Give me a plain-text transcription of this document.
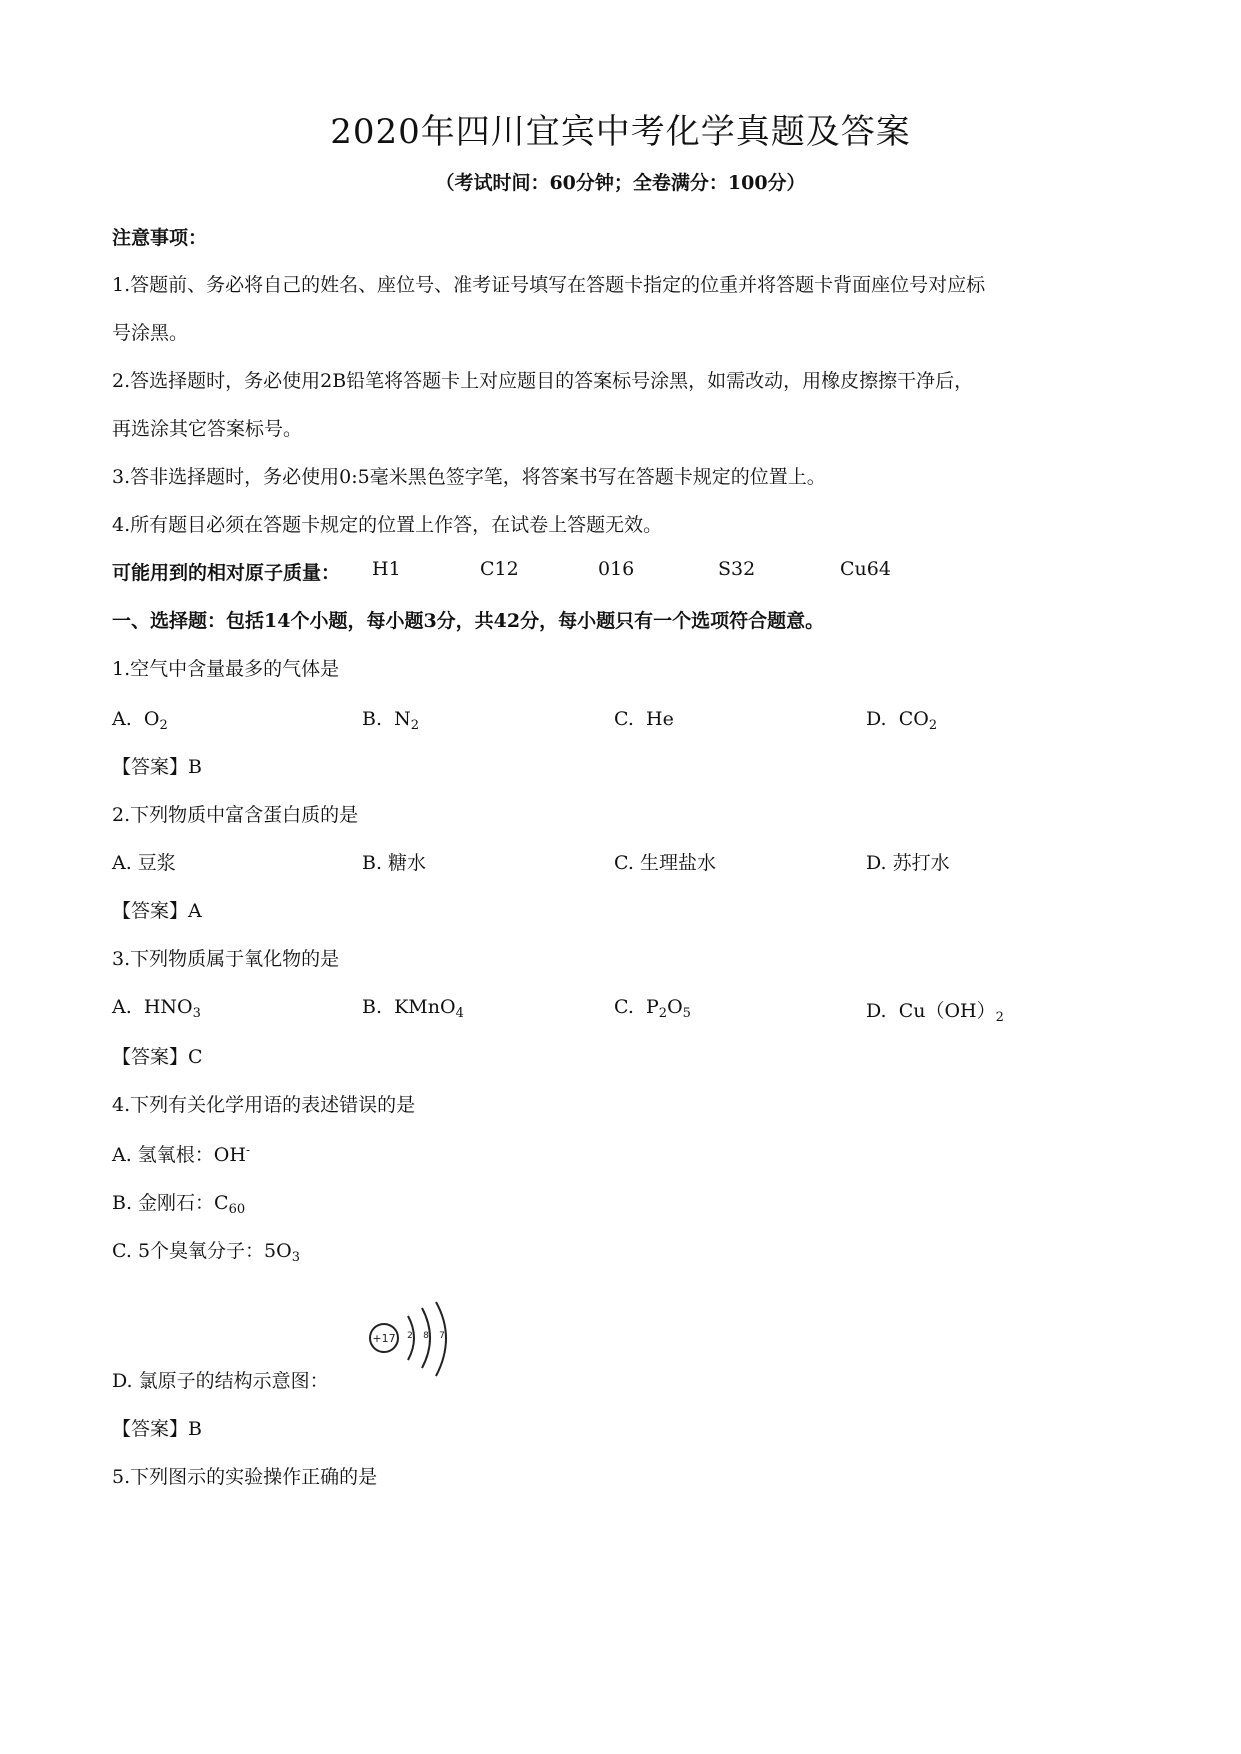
2020年四川宜宾中考化学真题及答案
（考试时间：60分钟；全卷满分：100分）
注意事项：
1.答题前、务必将自己的姓名、座位号、准考证号填写在答题卡指定的位重并将答题卡背面座位号对应标
号涂黑。
2.答选择题时，务必使用2B铅笔将答题卡上对应题目的答案标号涂黑，如需改动，用橡皮擦擦干净后，
再选涂其它答案标号。
3.答非选择题时，务必使用0:5毫米黑色签字笔，将答案书写在答题卡规定的位置上。
4.所有题目必须在答题卡规定的位置上作答，在试卷上答题无效。
可能用到的相对原子质量： H1	C12	016	S32	Cu64
一、选择题：包括14个小题，每小题3分，共42分，每小题只有一个选项符合题意。
1.空气中含量最多的气体是
A. $O_2$	B. $N_2$	C. He	D. $CO_2$
【答案】B
2.下列物质中富含蛋白质的是
A. 豆浆	B. 糖水	C. 生理盐水	D. 苏打水
【答案】A
3.下列物质属于氧化物的是
A. $HNO_3$	B. KMnO$_4$	C. $P_2O_5$	D. $Cu(OH)_2$
【答案】C
4.下列有关化学用语的表述错误的是
A. 氢氧根：OH-
B. 金刚石：$C_{60}$
C. 5个臭氧分子：$5O_3$
D. 氯原子的结构示意图：
+17 2 8 7
【答案】B
5.下列图示的实验操作正确的是
